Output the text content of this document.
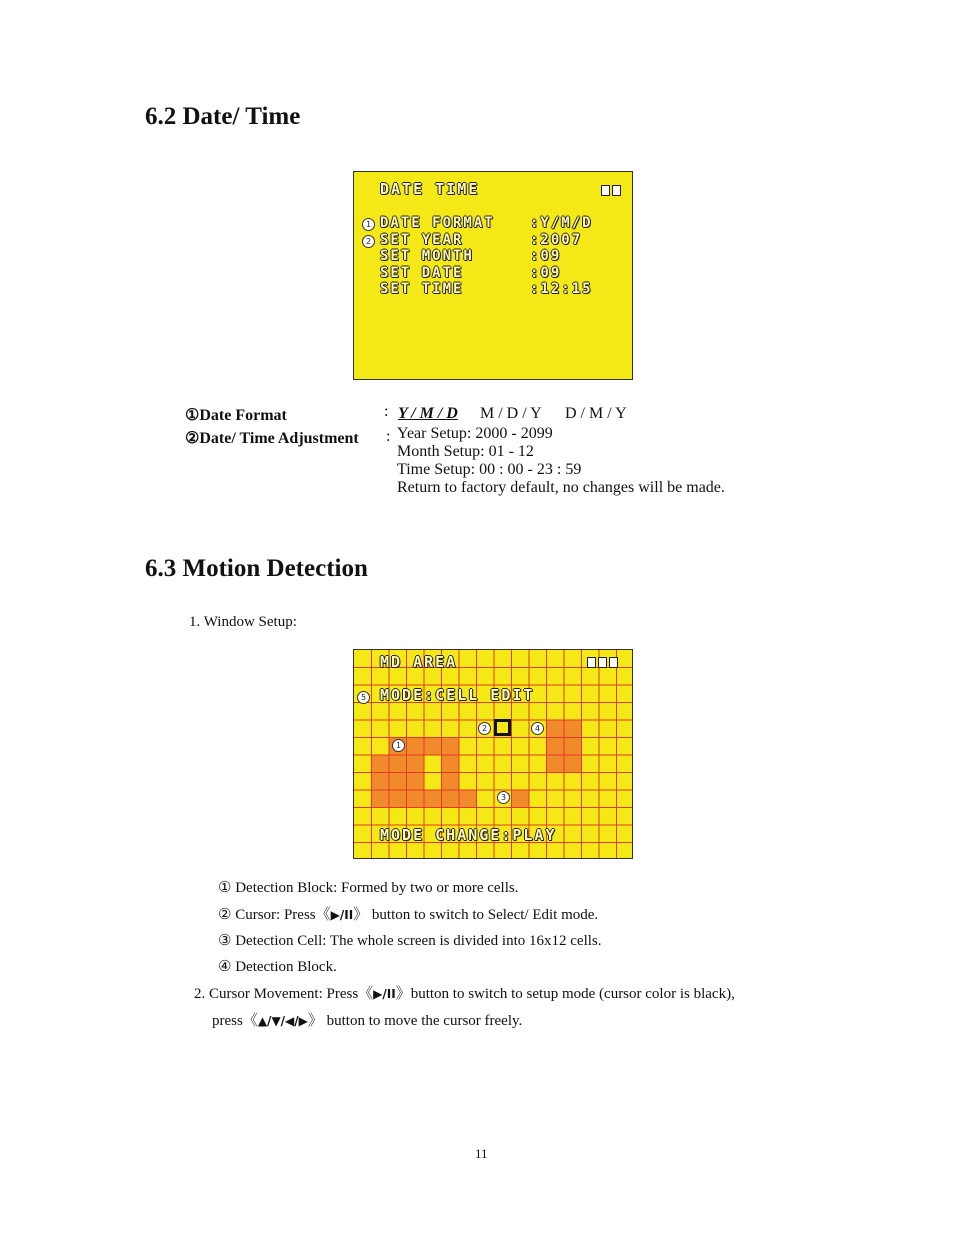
6.2 Date/ Time
DATE TIME
1 DATE FORMAT	:Y/M/D
2 SET YEAR	:2007
SET MONTH	:09
SET DATE	:09
SET TIME	:12:15
①Date Format	: Y / M / D M / D / Y D / M / Y
②Date/ Time Adjustment : Year Setup: 2000 - 2099
Month Setup: 01 - 12
Time Setup: 00 : 00 - 23 : 59
Return to factory default, no changes will be made.
6.3 Motion Detection
1. Window Setup:
MD AREA
5 MODE:CELL EDIT
1
2
3
4
MODE CHANGE:PLAY
① Detection Block: Formed by two or more cells.
② Cursor: Press《▶/II》 button to switch to Select/ Edit mode.
③ Detection Cell: The whole screen is divided into 16x12 cells.
④ Detection Block.
2. Cursor Movement: Press《▶/II》button to switch to setup mode (cursor color is black),
press《▲/▼/◀/▶》 button to move the cursor freely.
11
